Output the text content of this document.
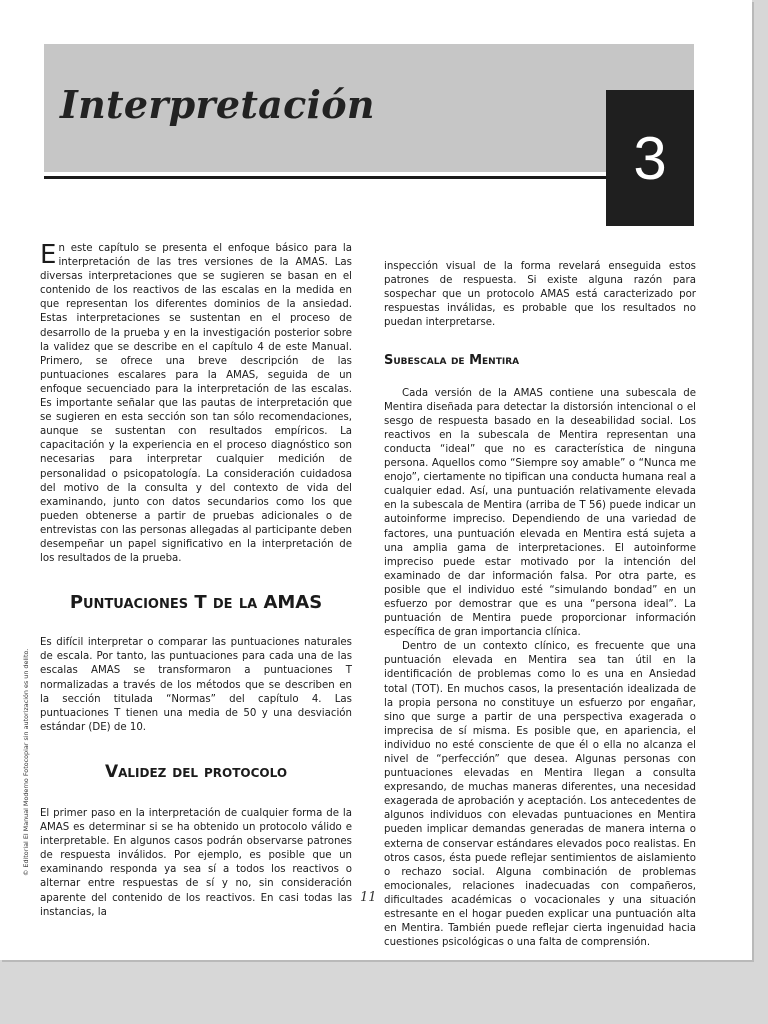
Interpretación
3

En este capítulo se presenta el enfoque básico para la interpretación de las tres versiones de la AMAS. Las diversas interpretaciones que se sugieren se basan en el contenido de los reactivos de las escalas en la medida en que representan los diferentes dominios de la ansiedad. Estas interpretaciones se sustentan en el proceso de desarrollo de la prueba y en la investigación posterior sobre la validez que se describe en el capítulo 4 de este Manual. Primero, se ofrece una breve descripción de las puntuaciones escalares para la AMAS, seguida de un enfoque secuenciado para la interpretación de las escalas. Es importante señalar que las pautas de interpretación que se sugieren en esta sección son tan sólo recomendaciones, aunque se sustentan con resultados empíricos. La capacitación y la experiencia en el proceso diagnóstico son necesarias para interpretar cualquier medición de personalidad o psicopatología. La consideración cuidadosa del motivo de la consulta y del contexto de vida del examinando, junto con datos secundarios como los que pueden obtenerse a partir de pruebas adicionales o de entrevistas con las personas allegadas al participante deben desempeñar un papel significativo en la interpretación de los resultados de la prueba.

Puntuaciones T de la AMAS

Es difícil interpretar o comparar las puntuaciones naturales de escala. Por tanto, las puntuaciones para cada una de las escalas AMAS se transformaron a puntuaciones T normalizadas a través de los métodos que se describen en la sección titulada “Normas” del capítulo 4. Las puntuaciones T tienen una media de 50 y una desviación estándar (DE) de 10.

Validez del protocolo

El primer paso en la interpretación de cualquier forma de la AMAS es determinar si se ha obtenido un protocolo válido e interpretable. En algunos casos podrán observarse patrones de respuesta inválidos. Por ejemplo, es posible que un examinando responda ya sea sí a todos los reactivos o alternar entre respuestas de sí y no, sin consideración aparente del contenido de los reactivos. En casi todas las instancias, la

inspección visual de la forma revelará enseguida estos patrones de respuesta. Si existe alguna razón para sospechar que un protocolo AMAS está caracterizado por respuestas inválidas, es probable que los resultados no puedan interpretarse.

Subescala de Mentira

Cada versión de la AMAS contiene una subescala de Mentira diseñada para detectar la distorsión intencional o el sesgo de respuesta basado en la deseabilidad social. Los reactivos en la subescala de Mentira representan una conducta “ideal” que no es característica de ninguna persona. Aquellos como “Siempre soy amable” o “Nunca me enojo”, ciertamente no tipifican una conducta humana real a cualquier edad. Así, una puntuación relativamente elevada en la subescala de Mentira (arriba de T 56) puede indicar un autoinforme impreciso. Dependiendo de una variedad de factores, una puntuación elevada en Mentira está sujeta a una amplia gama de interpretaciones. El autoinforme impreciso puede estar motivado por la intención del examinado de dar información falsa. Por otra parte, es posible que el individuo esté “simulando bondad” en un esfuerzo por demostrar que es una “persona ideal”. La puntuación de Mentira puede proporcionar información específica de gran importancia clínica.

Dentro de un contexto clínico, es frecuente que una puntuación elevada en Mentira sea tan útil en la identificación de problemas como lo es una en Ansiedad total (TOT). En muchos casos, la presentación idealizada de la propia persona no constituye un esfuerzo por engañar, sino que surge a partir de una perspectiva exagerada o imprecisa de sí misma. Es posible que, en apariencia, el individuo no esté consciente de que él o ella no alcanza el nivel de “perfección” que desea. Algunas personas con puntuaciones elevadas en Mentira llegan a consulta expresando, de muchas maneras diferentes, una necesidad exagerada de aprobación y aceptación. Los antecedentes de algunos individuos con elevadas puntuaciones en Mentira pueden implicar demandas generadas de manera interna o externa de conservar estándares elevados poco realistas. En otros casos, ésta puede reflejar sentimientos de aislamiento o rechazo social. Alguna combinación de problemas emocionales, relaciones inadecuadas con compañeros, dificultades académicas o vocacionales y una situación estresante en el hogar pueden explicar una puntuación alta en Mentira. También puede reflejar cierta ingenuidad hacia cuestiones psicológicas o una falta de comprensión.

11
© Editorial El Manual Moderno Fotocopiar sin autorización es un delito.
